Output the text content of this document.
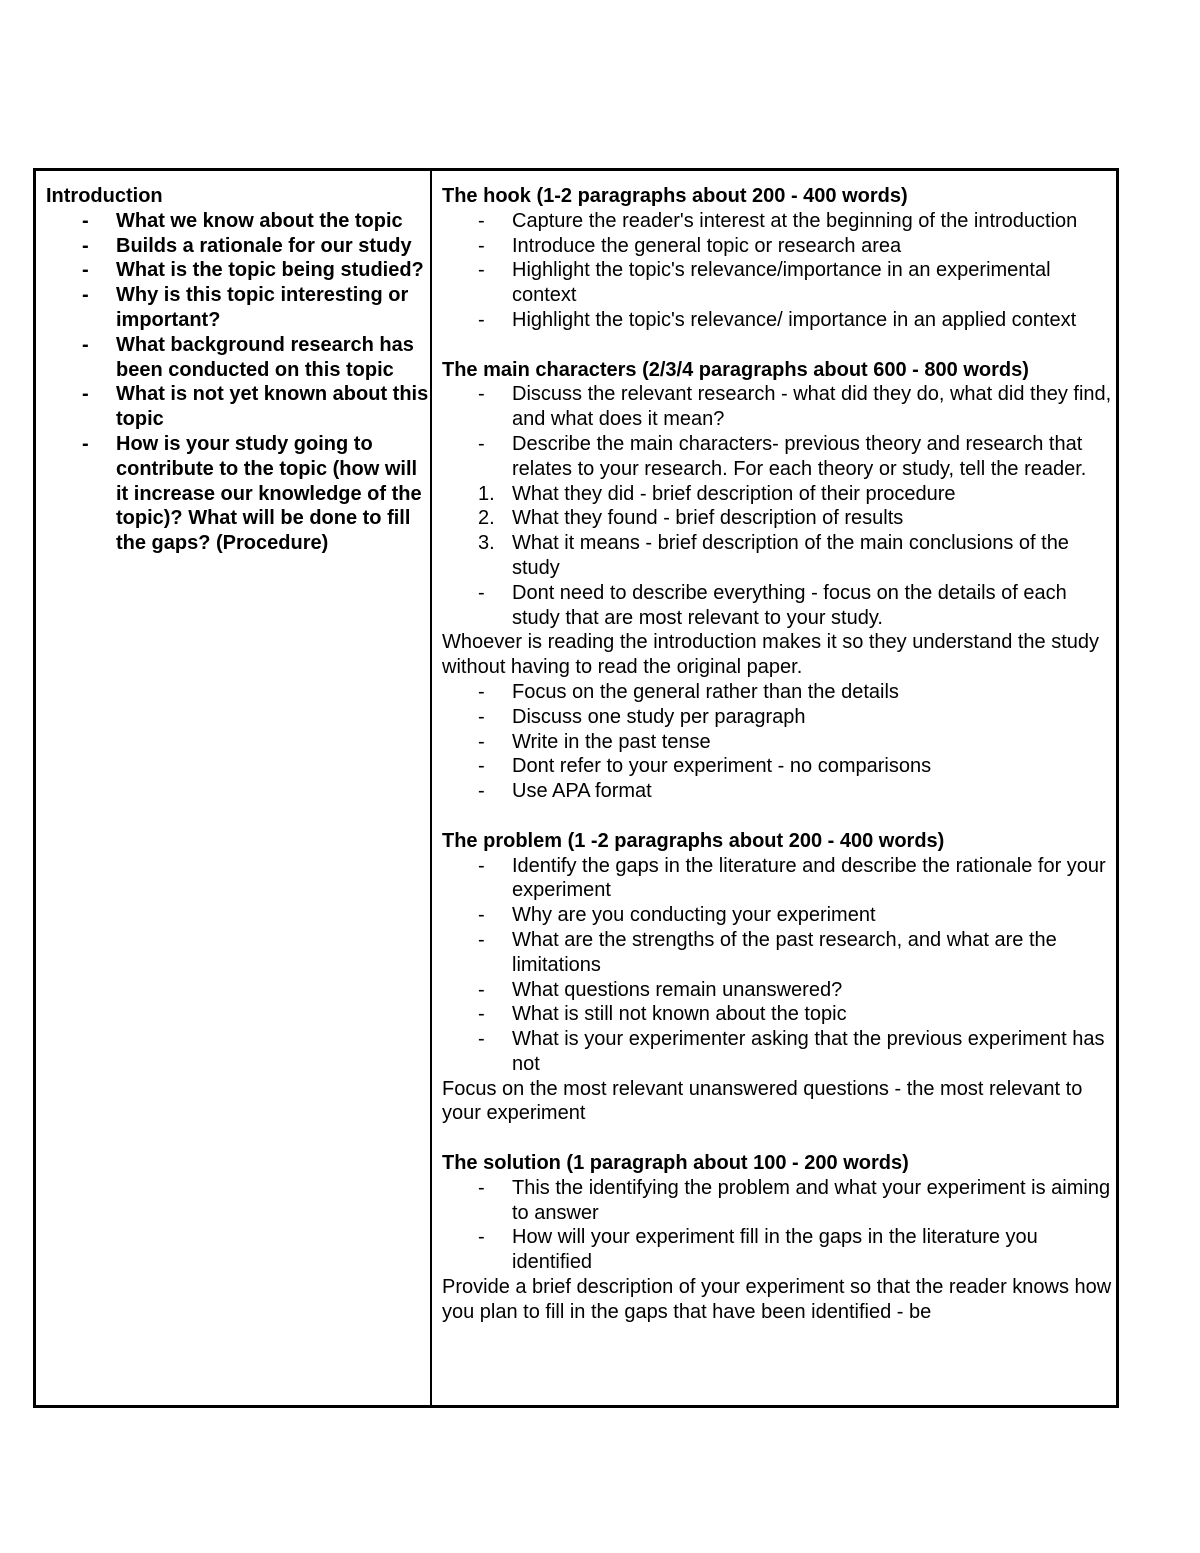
Introduction
- What we know about the topic
- Builds a rationale for our study
- What is the topic being studied?
- Why is this topic interesting or important?
- What background research has been conducted on this topic
- What is not yet known about this topic
- How is your study going to contribute to the topic (how will it increase our knowledge of the topic)? What will be done to fill the gaps? (Procedure)
The hook (1-2 paragraphs about 200 - 400 words)
- Capture the reader's interest at the beginning of the introduction
- Introduce the general topic or research area
- Highlight the topic's relevance/importance in an experimental context
- Highlight the topic's relevance/ importance in an applied context
The main characters (2/3/4 paragraphs about 600 - 800 words)
- Discuss the relevant research - what did they do, what did they find, and what does it mean?
- Describe the main characters- previous theory and research that relates to your research. For each theory or study, tell the reader.
1. What they did - brief description of their procedure
2. What they found - brief description of results
3. What it means - brief description of the main conclusions of the study
- Dont need to describe everything - focus on the details of each study that are most relevant to your study.
Whoever is reading the introduction makes it so they understand the study without having to read the original paper.
- Focus on the general rather than the details
- Discuss one study per paragraph
- Write in the past tense
- Dont refer to your experiment - no comparisons
- Use APA format
The problem (1 -2 paragraphs about 200 - 400 words)
- Identify the gaps in the literature and describe the rationale for your experiment
- Why are you conducting your experiment
- What are the strengths of the past research, and what are the limitations
- What questions remain unanswered?
- What is still not known about the topic
- What is your experimenter asking that the previous experiment has not
Focus on the most relevant unanswered questions - the most relevant to your experiment
The solution (1 paragraph about 100 - 200 words)
- This the identifying the problem and what your experiment is aiming to answer
- How will your experiment fill in the gaps in the literature you identified
Provide a brief description of your experiment so that the reader knows how you plan to fill in the gaps that have been identified - be
